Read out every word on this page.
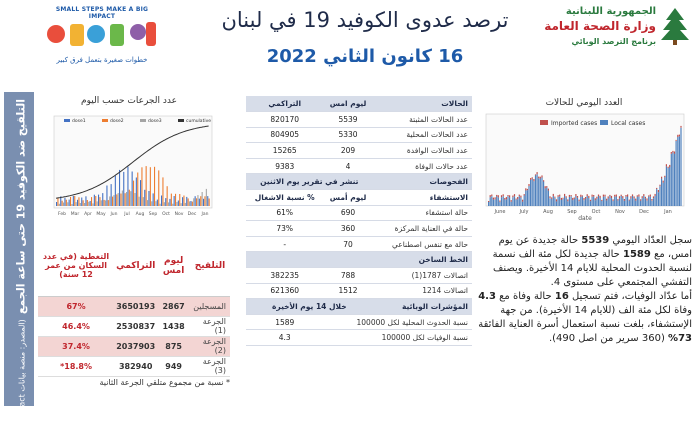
SMALL STEPS MAKE A BIG IMPACT
خطوات صغيرة بتعمل فرق كبير
ترصد عدوى الكوفيد 19 في لبنان
16 كانون الثاني 2022
الجمهورية اللبنانية
وزارة الصحة العامة
برنامج الترصد الوبائي
التلقيح ضد الكوفيد 19 حتى ساعة الجمع (المصدر: منصة بيانات Impact)
عدد الجرعات حسب اليوم
dose1	dose2	dose3	cumulative
Feb Mar Apr May Jun Jul Aug Sep Oct Nov Dec Jan
التلقيح	ليوم امس	التراكمي	التغطية (في عدد السكان من عمر 12 سنة)
المسجلين	2867	3650193	67%
الجرعة (1)	1438	2530837	46.4%
الجرعة (2)	875	2037903	37.4%
الجرعة (3)	949	382940	18.8%*
* نسبة من مجموع متلقي الجرعة الثانية
الحالات	ليوم امس	التراكمي
عدد الحالات المثبتة	5539	820170
عدد الحالات المحلية	5330	804905
عدد الحالات الوافدة	209	15265
عدد حالات الوفاة	4	9383
الفحوصات	تنشر في تقرير يوم الاثنين	
الاستشفاء	ليوم أمس	% نسبة الاشغال
حالة استشفاء	690	61%
حالة في العناية المركزة	360	73%
حالة مع تنفس اصطناعي	70	-
الخط الساخن		
اتصالات 1787(1)	788	382235
اتصالات 1214	1512	621360
المؤشرات الوبائية	خلال 14 يوم الأخيرة	
نسبة الحدوث المحلية لكل 100000		1589
نسبة الوفيات لكل 100000		4.3
العدد اليومي للحالات
Imported cases Local cases
June	July	Aug	Sep	Oct	Nov	Dec	Jan
date

سجل العدّاد اليومي 5539 حالة جديدة عن يوم امس، مع 1589 حالة جديدة لكل مئة الف نسمة لنسبة الحدوث المحلية للايام 14 الأخيرة. ويصنف التفشي المجتمعي على مستوى 4.

أما عدّاد الوفيات، فتم تسجيل 16 حالة وفاة مع 4.3 وفاة لكل مئة الف (للايام 14 الأخيرة). من جهة الإستشفاء، بلغت نسبة استعمال أسرة العناية الفائقة 73% (360 سرير من اصل 490).
